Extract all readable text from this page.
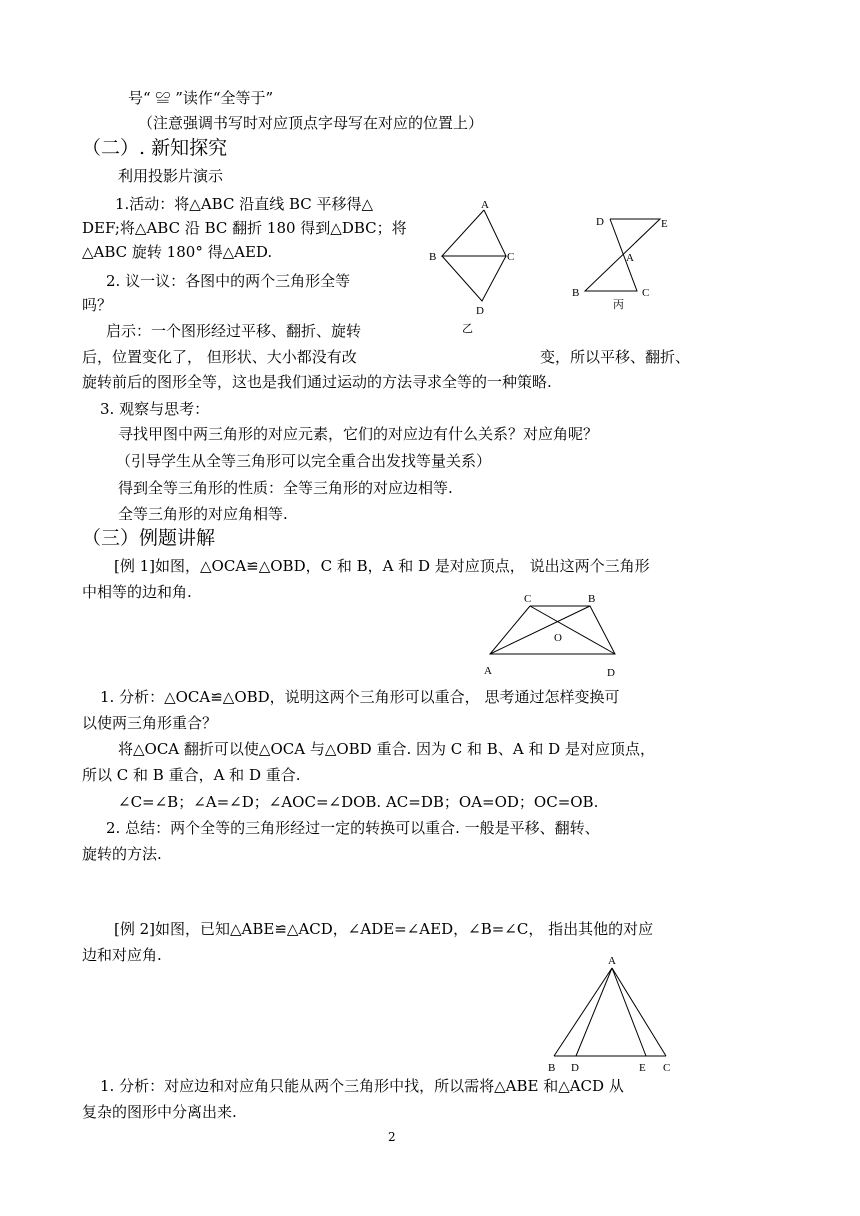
号“ ≌ ”读作“全等于”
（注意强调书写时对应顶点字母写在对应的位置上）
（二）. 新知探究
利用投影片演示
1.活动：将△ABC 沿直线 BC 平移得△
DEF;将△ABC 沿 BC 翻折 180 得到△DBC；将
△ABC 旋转 180° 得△AED.
2. 议一议：各图中的两个三角形全等
吗？
启示：一个图形经过平移、翻折、旋转
后，位置变化了， 但形状、大小都没有改	变，所以平移、翻折、
旋转前后的图形全等，这也是我们通过运动的方法寻求全等的一种策略.
3. 观察与思考：
寻找甲图中两三角形的对应元素，它们的对应边有什么关系？对应角呢？
（引导学生从全等三角形可以完全重合出发找等量关系）
得到全等三角形的性质：全等三角形的对应边相等.
全等三角形的对应角相等.
（三）例题讲解
[例 1]如图，△OCA≌△OBD，C 和 B，A 和 D 是对应顶点， 说出这两个三角形
中相等的边和角.
1. 分析：△OCA≌△OBD，说明这两个三角形可以重合， 思考通过怎样变换可
以使两三角形重合？
将△OCA 翻折可以使△OCA 与△OBD 重合. 因为 C 和 B、A 和 D 是对应顶点，
所以 C 和 B 重合，A 和 D 重合.
∠C=∠B；∠A=∠D；∠AOC=∠DOB. AC=DB；OA=OD；OC=OB.
2. 总结：两个全等的三角形经过一定的转换可以重合. 一般是平移、翻转、
旋转的方法.
[例 2]如图，已知△ABE≌△ACD，∠ADE=∠AED，∠B=∠C， 指出其他的对应
边和对应角.
1. 分析：对应边和对应角只能从两个三角形中找，所以需将△ABE 和△ACD 从
复杂的图形中分离出来.
2
A
B	C
D
乙
D	E
A
B	C
丙
C	B
O
A	D
A
B D	E C
